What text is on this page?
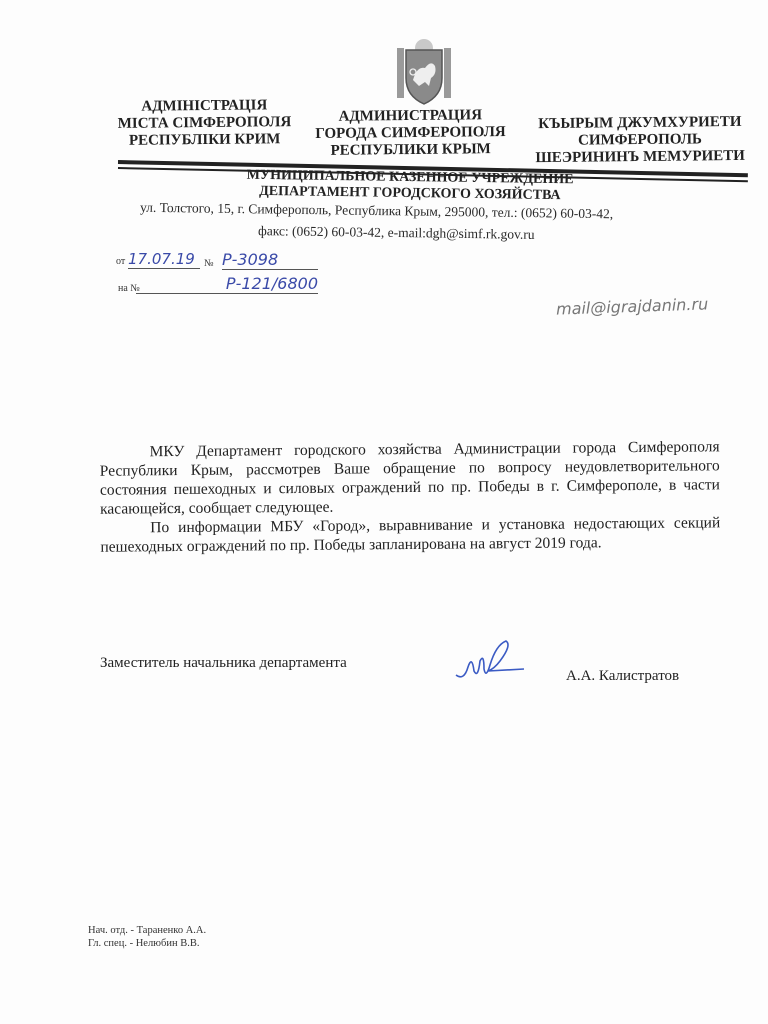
АДМІНІСТРАЦІЯ
МІСТА СІМФЕРОПОЛЯ
РЕСПУБЛІКИ КРИМ
АДМИНИСТРАЦИЯ
ГОРОДА СИМФЕРОПОЛЯ
РЕСПУБЛИКИ КРЫМ
КЪЫРЫМ ДЖУМХУРИЕТИ
СИМФЕРОПОЛЬ
ШЕЭРИНИНЪ МЕМУРИЕТИ
МУНИЦИПАЛЬНОЕ КАЗЕННОЕ УЧРЕЖДЕНИЕ
ДЕПАРТАМЕНТ ГОРОДСКОГО ХОЗЯЙСТВА
ул. Толстого, 15, г. Симферополь, Республика Крым, 295000, тел.: (0652) 60-03-42,
факс: (0652) 60-03-42, e-mail:dgh@simf.rk.gov.ru
от 17.07.19 № Р-3098
на №	Р-121/6800
mail@igrajdanin.ru

МКУ Департамент городского хозяйства Администрации города Симферополя Республики Крым, рассмотрев Ваше обращение по вопросу неудовлетворительного состояния пешеходных и силовых ограждений по пр. Победы в г. Симферополе, в части касающейся, сообщает следующее.

По информации МБУ «Город», выравнивание и установка недостающих секций пешеходных ограждений по пр. Победы запланирована на август 2019 года.

Заместитель начальника департамента
А.А. Калистратов
Нач. отд. - Тараненко А.А.
Гл. спец. - Нелюбин В.В.
